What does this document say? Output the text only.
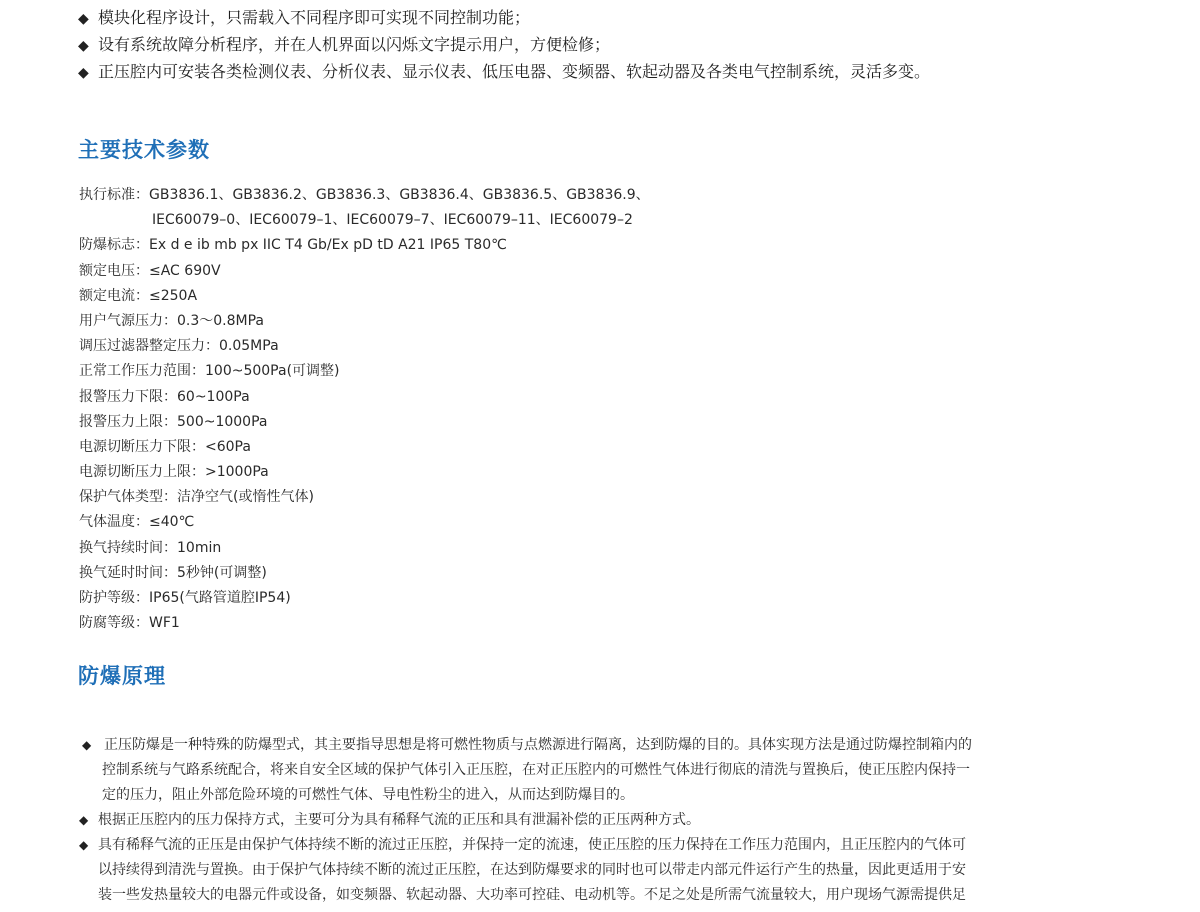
◆ 模块化程序设计，只需载入不同程序即可实现不同控制功能；
◆ 设有系统故障分析程序，并在人机界面以闪烁文字提示用户，方便检修；
◆ 正压腔内可安装各类检测仪表、分析仪表、显示仪表、低压电器、变频器、软起动器及各类电气控制系统，灵活多变。
主要技术参数
执行标准：GB3836.1、GB3836.2、GB3836.3、GB3836.4、GB3836.5、GB3836.9、
IEC60079–0、IEC60079–1、IEC60079–7、IEC60079–11、IEC60079–2
防爆标志：Ex d e ib mb px IIC T4 Gb/Ex pD tD A21 IP65 T80℃
额定电压：≤AC 690V
额定电流：≤250A
用户气源压力：0.3～0.8MPa
调压过滤器整定压力：0.05MPa
正常工作压力范围：100~500Pa(可调整)
报警压力下限：60~100Pa
报警压力上限：500~1000Pa
电源切断压力下限：<60Pa
电源切断压力上限：>1000Pa
保护气体类型：洁净空气(或惰性气体)
气体温度：≤40℃
换气持续时间：10min
换气延时时间：5秒钟(可调整)
防护等级：IP65(气路管道腔IP54)
防腐等级：WF1
防爆原理
◆ 正压防爆是一种特殊的防爆型式，其主要指导思想是将可燃性物质与点燃源进行隔离，达到防爆的目的。具体实现方法是通过防爆控制箱内的
控制系统与气路系统配合，将来自安全区域的保护气体引入正压腔，在对正压腔内的可燃性气体进行彻底的清洗与置换后，使正压腔内保持一
定的压力，阻止外部危险环境的可燃性气体、导电性粉尘的进入，从而达到防爆目的。
◆ 根据正压腔内的压力保持方式，主要可分为具有稀释气流的正压和具有泄漏补偿的正压两种方式。
◆ 具有稀释气流的正压是由保护气体持续不断的流过正压腔，并保持一定的流速，使正压腔的压力保持在工作压力范围内，且正压腔内的气体可
以持续得到清洗与置换。由于保护气体持续不断的流过正压腔，在达到防爆要求的同时也可以带走内部元件运行产生的热量，因此更适用于安
装一些发热量较大的电器元件或设备，如变频器、软起动器、大功率可控硅、电动机等。不足之处是所需气流量较大，用户现场气源需提供足
